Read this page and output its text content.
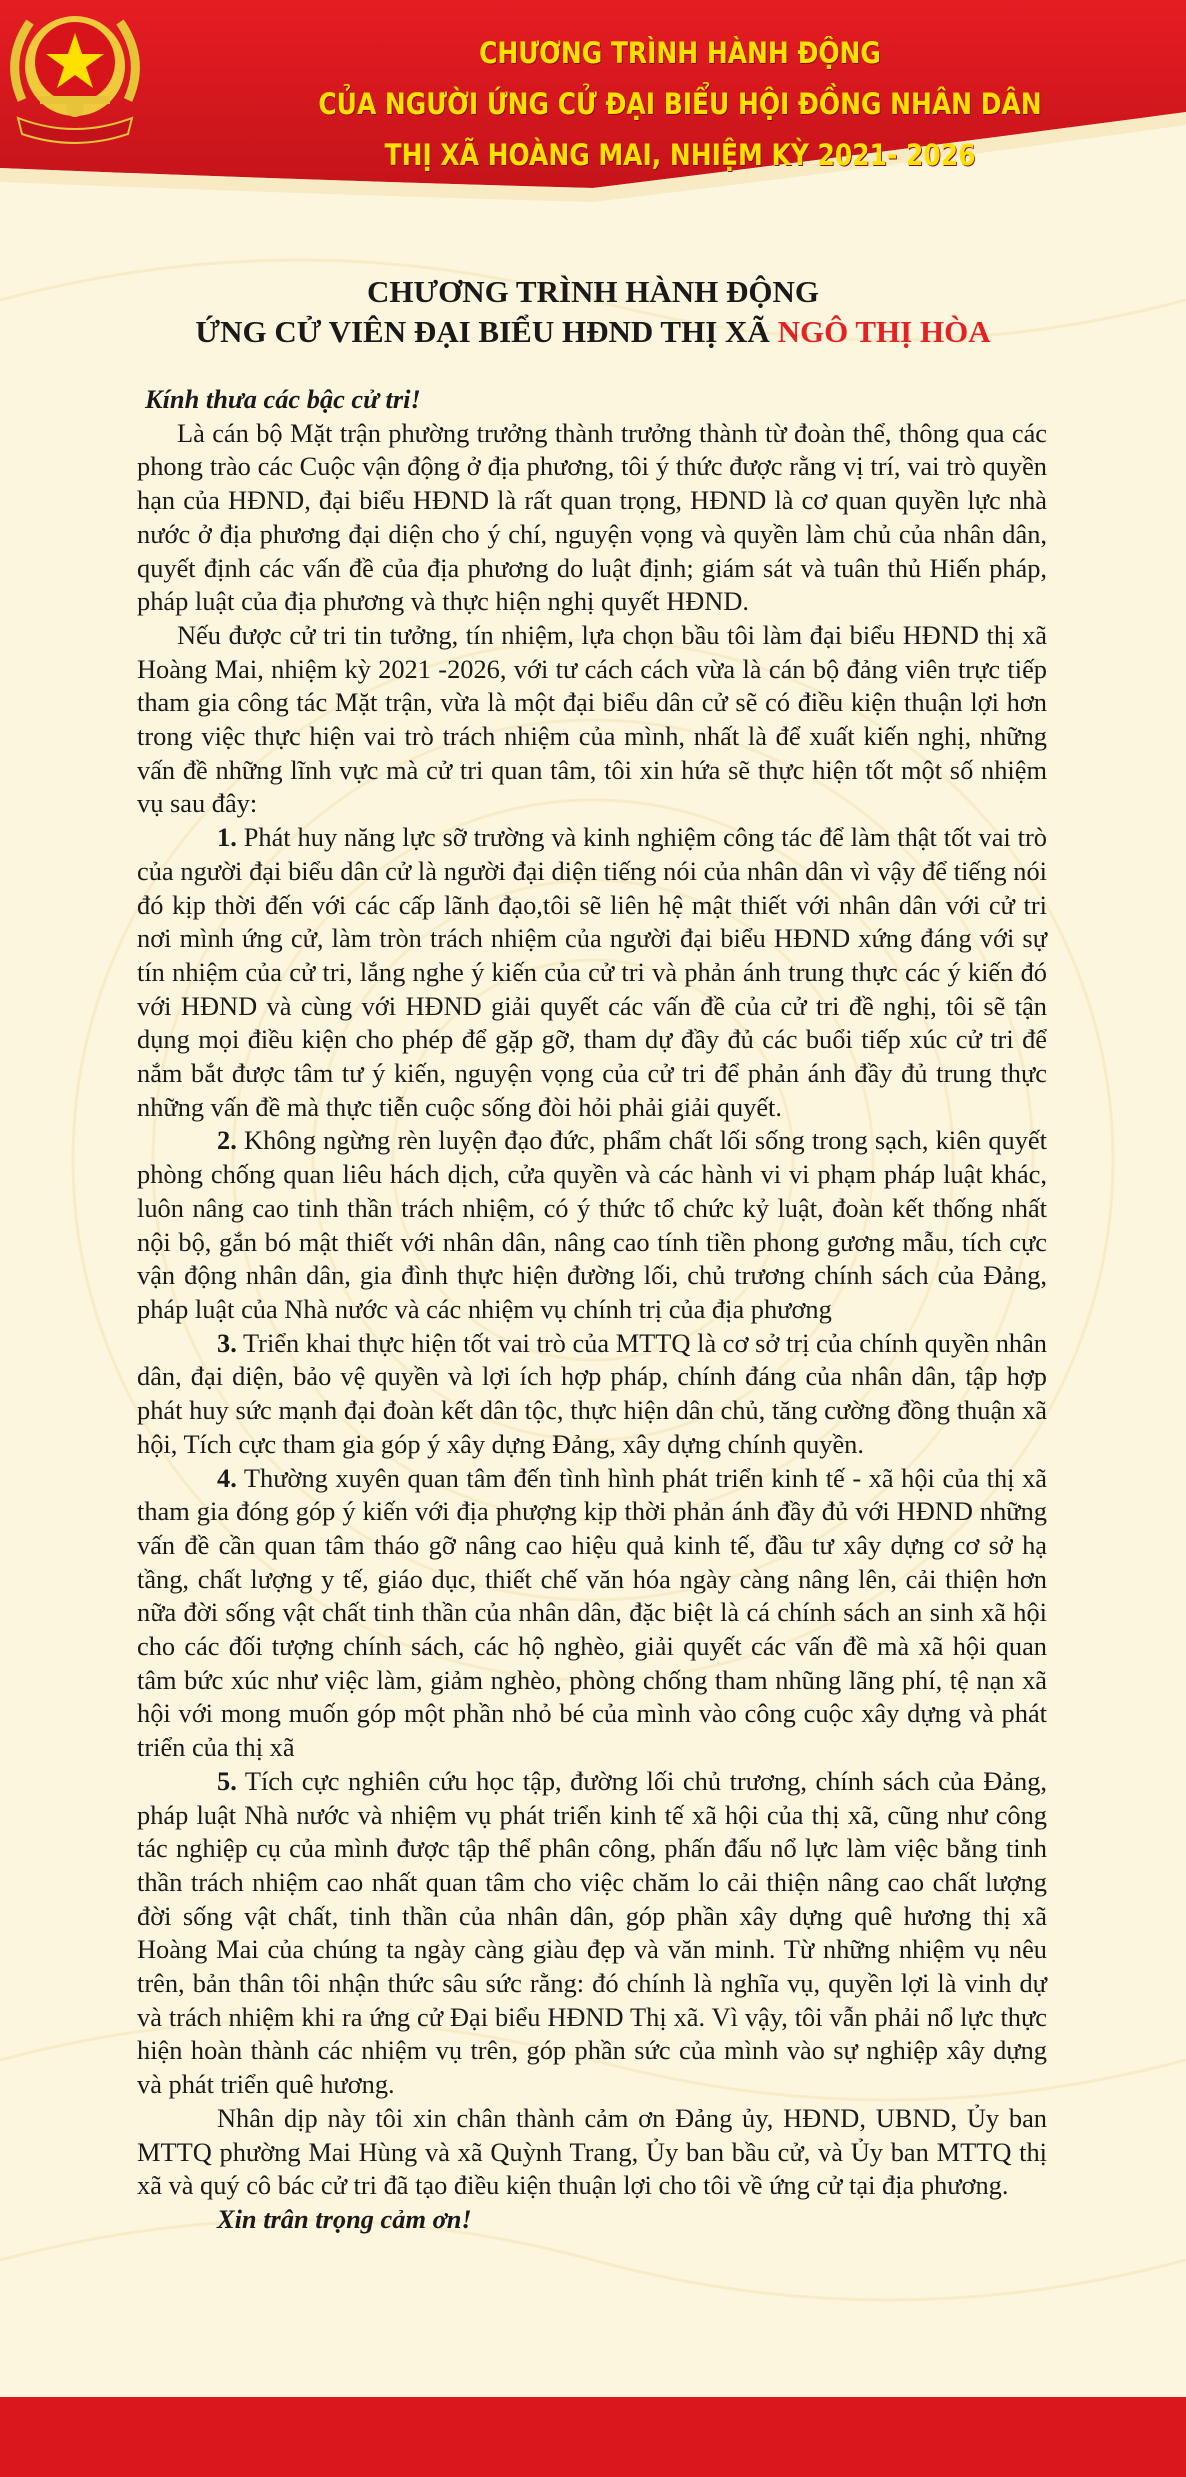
CHƯƠNG TRÌNH HÀNH ĐỘNG
CỦA NGƯỜI ỨNG CỬ ĐẠI BIỂU HỘI ĐỒNG NHÂN DÂN
THỊ XÃ HOÀNG MAI, NHIỆM KỲ 2021- 2026
CHƯƠNG TRÌNH HÀNH ĐỘNG
ỨNG CỬ VIÊN ĐẠI BIỂU HĐND THỊ XÃ NGÔ THỊ HÒA

Kính thưa các bậc cử tri!

Là cán bộ Mặt trận phường trưởng thành trưởng thành từ đoàn thể, thông qua các phong trào các Cuộc vận động ở địa phương, tôi ý thức được rằng vị trí, vai trò quyền hạn của HĐND, đại biểu HĐND là rất quan trọng, HĐND là cơ quan quyền lực nhà nước ở địa phương đại diện cho ý chí, nguyện vọng và quyền làm chủ của nhân dân, quyết định các vấn đề của địa phương do luật định; giám sát và tuân thủ Hiến pháp, pháp luật của địa phương và thực hiện nghị quyết HĐND.

Nếu được cử tri tin tưởng, tín nhiệm, lựa chọn bầu tôi làm đại biểu HĐND thị xã Hoàng Mai, nhiệm kỳ 2021 -2026, với tư cách cách vừa là cán bộ đảng viên trực tiếp tham gia công tác Mặt trận, vừa là một đại biểu dân cử sẽ có điều kiện thuận lợi hơn trong việc thực hiện vai trò trách nhiệm của mình, nhất là để xuất kiến nghị, những vấn đề những lĩnh vực mà cử tri quan tâm, tôi xin hứa sẽ thực hiện tốt một số nhiệm vụ sau đây:

1. Phát huy năng lực sỡ trường và kinh nghiệm công tác để làm thật tốt vai trò của người đại biểu dân cử là người đại diện tiếng nói của nhân dân vì vậy để tiếng nói đó kịp thời đến với các cấp lãnh đạo,tôi sẽ liên hệ mật thiết với nhân dân với cử tri nơi mình ứng cử, làm tròn trách nhiệm của người đại biểu HĐND xứng đáng với sự tín nhiệm của cử tri, lắng nghe ý kiến của cử tri và phản ánh trung thực các ý kiến đó với HĐND và cùng với HĐND giải quyết các vấn đề của cử tri đề nghị, tôi sẽ tận dụng mọi điều kiện cho phép để gặp gỡ, tham dự đầy đủ các buổi tiếp xúc cử tri để nắm bắt được tâm tư ý kiến, nguyện vọng của cử tri để phản ánh đầy đủ trung thực những vấn đề mà thực tiễn cuộc sống đòi hỏi phải giải quyết.

2. Không ngừng rèn luyện đạo đức, phẩm chất lối sống trong sạch, kiên quyết phòng chống quan liêu hách dịch, cửa quyền và các hành vi vi phạm pháp luật khác, luôn nâng cao tinh thần trách nhiệm, có ý thức tổ chức kỷ luật, đoàn kết thống nhất nội bộ, gắn bó mật thiết với nhân dân, nâng cao tính tiền phong gương mẫu, tích cực vận động nhân dân, gia đình thực hiện đường lối, chủ trương chính sách của Đảng, pháp luật của Nhà nước và các nhiệm vụ chính trị của địa phương

3. Triển khai thực hiện tốt vai trò của MTTQ là cơ sở trị của chính quyền nhân dân, đại diện, bảo vệ quyền và lợi ích hợp pháp, chính đáng của nhân dân, tập hợp phát huy sức mạnh đại đoàn kết dân tộc, thực hiện dân chủ, tăng cường đồng thuận xã hội, Tích cực tham gia góp ý xây dựng Đảng, xây dựng chính quyền.

4. Thường xuyên quan tâm đến tình hình phát triển kinh tế - xã hội của thị xã tham gia đóng góp ý kiến với địa phượng kịp thời phản ánh đầy đủ với HĐND những vấn đề cần quan tâm tháo gỡ nâng cao hiệu quả kinh tế, đầu tư xây dựng cơ sở hạ tầng, chất lượng y tế, giáo dục, thiết chế văn hóa ngày càng nâng lên, cải thiện hơn nữa đời sống vật chất tinh thần của nhân dân, đặc biệt là cá chính sách an sinh xã hội cho các đối tượng chính sách, các hộ nghèo, giải quyết các vấn đề mà xã hội quan tâm bức xúc như việc làm, giảm nghèo, phòng chống tham nhũng lãng phí, tệ nạn xã hội với mong muốn góp một phần nhỏ bé của mình vào công cuộc xây dựng và phát triển của thị xã

5. Tích cực nghiên cứu học tập, đường lối chủ trương, chính sách của Đảng, pháp luật Nhà nước và nhiệm vụ phát triển kinh tế xã hội của thị xã, cũng như công tác nghiệp cụ của mình được tập thể phân công, phấn đấu nổ lực làm việc bằng tinh thần trách nhiệm cao nhất quan tâm cho việc chăm lo cải thiện nâng cao chất lượng đời sống vật chất, tinh thần của nhân dân, góp phần xây dựng quê hương thị xã Hoàng Mai của chúng ta ngày càng giàu đẹp và văn minh. Từ những nhiệm vụ nêu trên, bản thân tôi nhận thức sâu sức rằng: đó chính là nghĩa vụ, quyền lợi là vinh dự và trách nhiệm khi ra ứng cử Đại biểu HĐND Thị xã. Vì vậy, tôi vẫn phải nổ lực thực hiện hoàn thành các nhiệm vụ trên, góp phần sức của mình vào sự nghiệp xây dựng và phát triển quê hương.

Nhân dịp này tôi xin chân thành cảm ơn Đảng ủy, HĐND, UBND, Ủy ban MTTQ phường Mai Hùng và xã Quỳnh Trang, Ủy ban bầu cử, và Ủy ban MTTQ thị xã và quý cô bác cử tri đã tạo điều kiện thuận lợi cho tôi về ứng cử tại địa phương.

Xin trân trọng cảm ơn!
